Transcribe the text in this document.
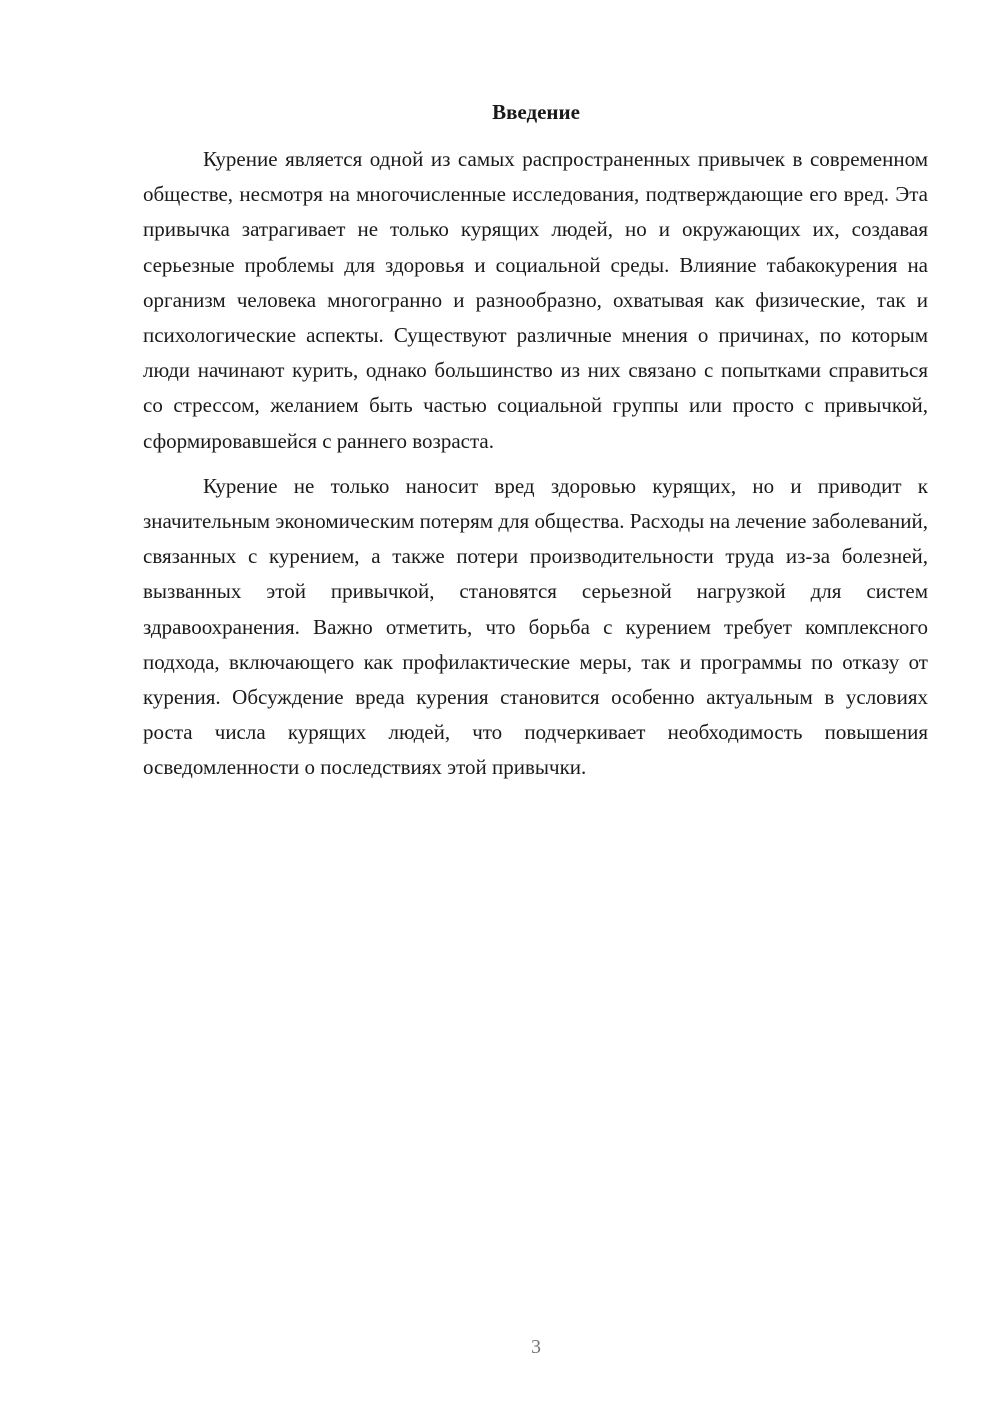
Введение

Курение является одной из самых распространенных привычек в современном обществе, несмотря на многочисленные исследования, подтверждающие его вред. Эта привычка затрагивает не только курящих людей, но и окружающих их, создавая серьезные проблемы для здоровья и социальной среды. Влияние табакокурения на организм человека многогранно и разнообразно, охватывая как физические, так и психологические аспекты. Существуют различные мнения о причинах, по которым люди начинают курить, однако большинство из них связано с попытками справиться со стрессом, желанием быть частью социальной группы или просто с привычкой, сформировавшейся с раннего возраста.

Курение не только наносит вред здоровью курящих, но и приводит к значительным экономическим потерям для общества. Расходы на лечение заболеваний, связанных с курением, а также потери производительности труда из-за болезней, вызванных этой привычкой, становятся серьезной нагрузкой для систем здравоохранения. Важно отметить, что борьба с курением требует комплексного подхода, включающего как профилактические меры, так и программы по отказу от курения. Обсуждение вреда курения становится особенно актуальным в условиях роста числа курящих людей, что подчеркивает необходимость повышения осведомленности о последствиях этой привычки.

3
